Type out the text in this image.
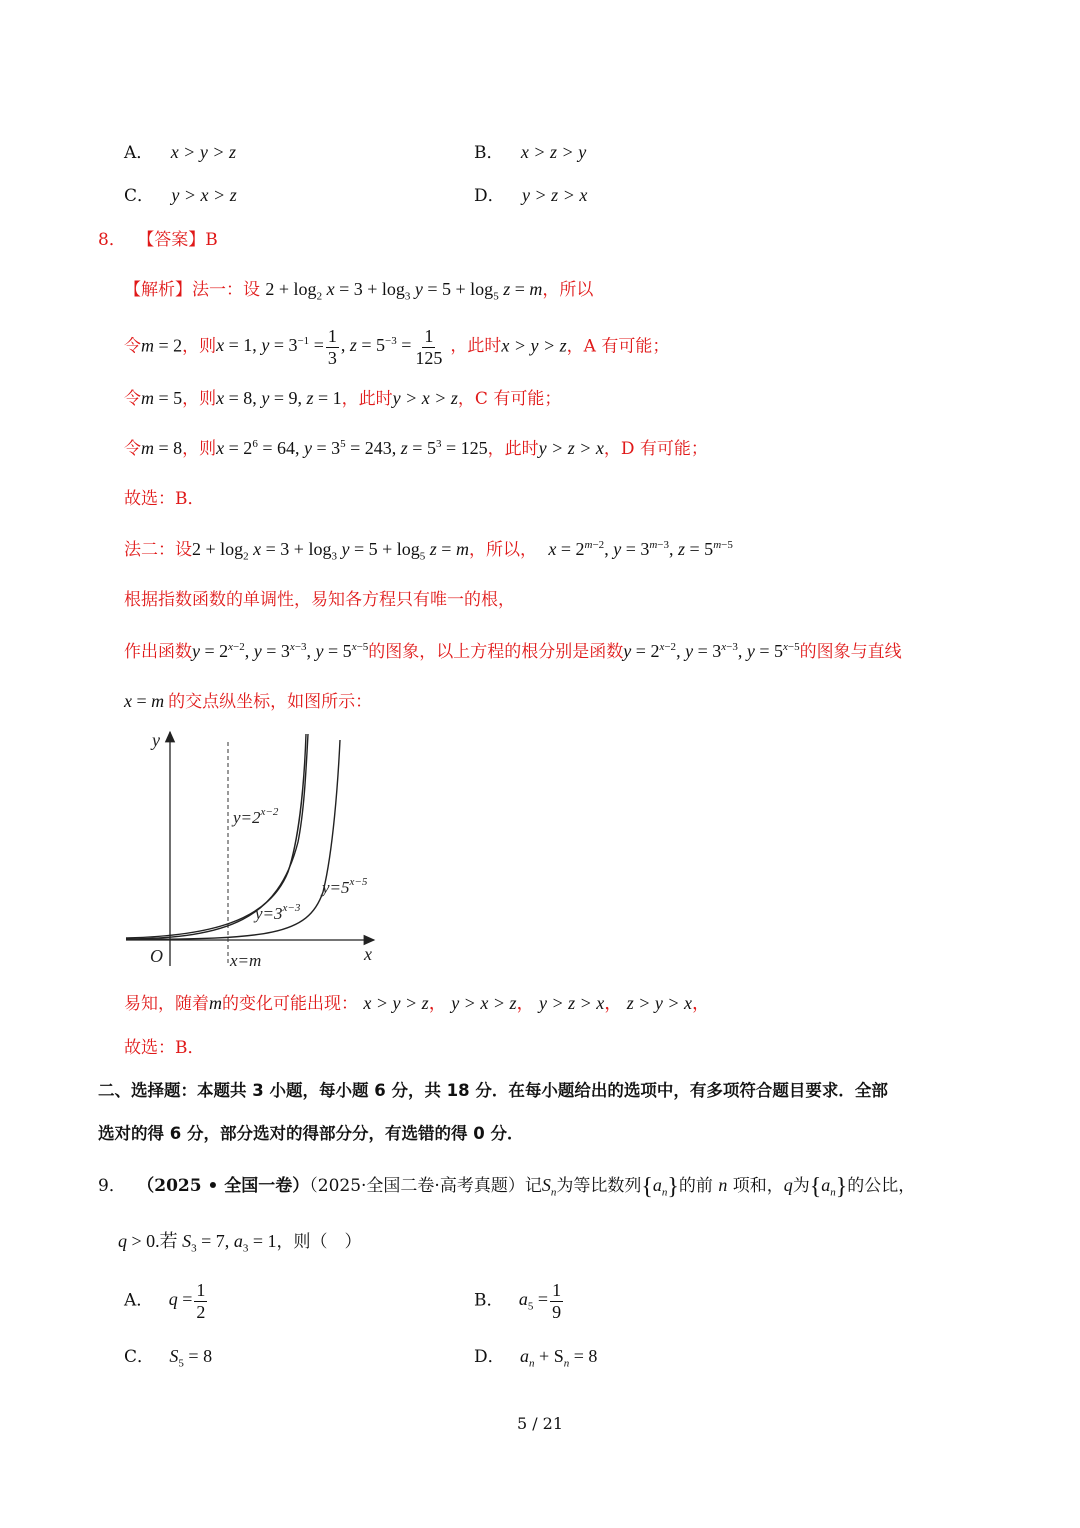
A． x > y > z	B． x > z > y
C． y > x > z	D． y > z > x
8． 【答案】B
【解析】法一：设 $2 + \log_2 x = 3 + \log_3 y = 5 + \log_5 z = m$，所以
令m = 2，则x = 1, $y = 3^{-1} = \frac{1}{3}$ , $z = 5^{-3} = \frac{1}{125}$ ，此时x > y > z，A 有可能；
令m = 5，则x = 8, y = 9, z = 1，此时y > x > z，C 有可能；
令m = 8，则$x = 2^6 = 64$, $y = 3^5 = 243$, $z = 5^3 = 125$，此时y > z > x，D 有可能；
故选：B．
法二：设$2 + \log_2 x = 3 + \log_3 y = 5 + \log_5 z = m$，所以， $x = 2^{m-2}$, $y = 3^{m-3}$, $z = 5^{m-5}$
根据指数函数的单调性，易知各方程只有唯一的根，
作出函数$y = 2^{x-2}$, $y = 3^{x-3}$, $y = 5^{x-5}$的图象，以上方程的根分别是函数$y = 2^{x-2}$, $y = 3^{x-3}$, $y = 5^{x-5}$的图象与直线
x = m 的交点纵坐标，如图所示：
y
x
O	x=m
$y=2^{x-2}$
$y=3^{x-3}$
$y=5^{x-5}$
易知，随着m的变化可能出现： x > y > z， y > x > z， y > z > x， z > y > x，
故选：B．
二、选择题：本题共 3 小题，每小题 6 分，共 18 分．在每小题给出的选项中，有多项符合题目要求．全部
选对的得 6 分，部分选对的得部分分，有选错的得 0 分．
9． （2025 • 全国一卷）（2025·全国二卷·高考真题）记$S_n$为等比数列$\{a_n\}$的前 n 项和，q为$\{a_n\}$的公比，
q > 0.若 $S_3 = 7$, $a_3 = 1$，则（　）
A． $q = \frac{1}{2}$	B． $a_5 = \frac{1}{9}$
C． $S_5 = 8$	D． $a_n + S_n = 8$
5 / 21
